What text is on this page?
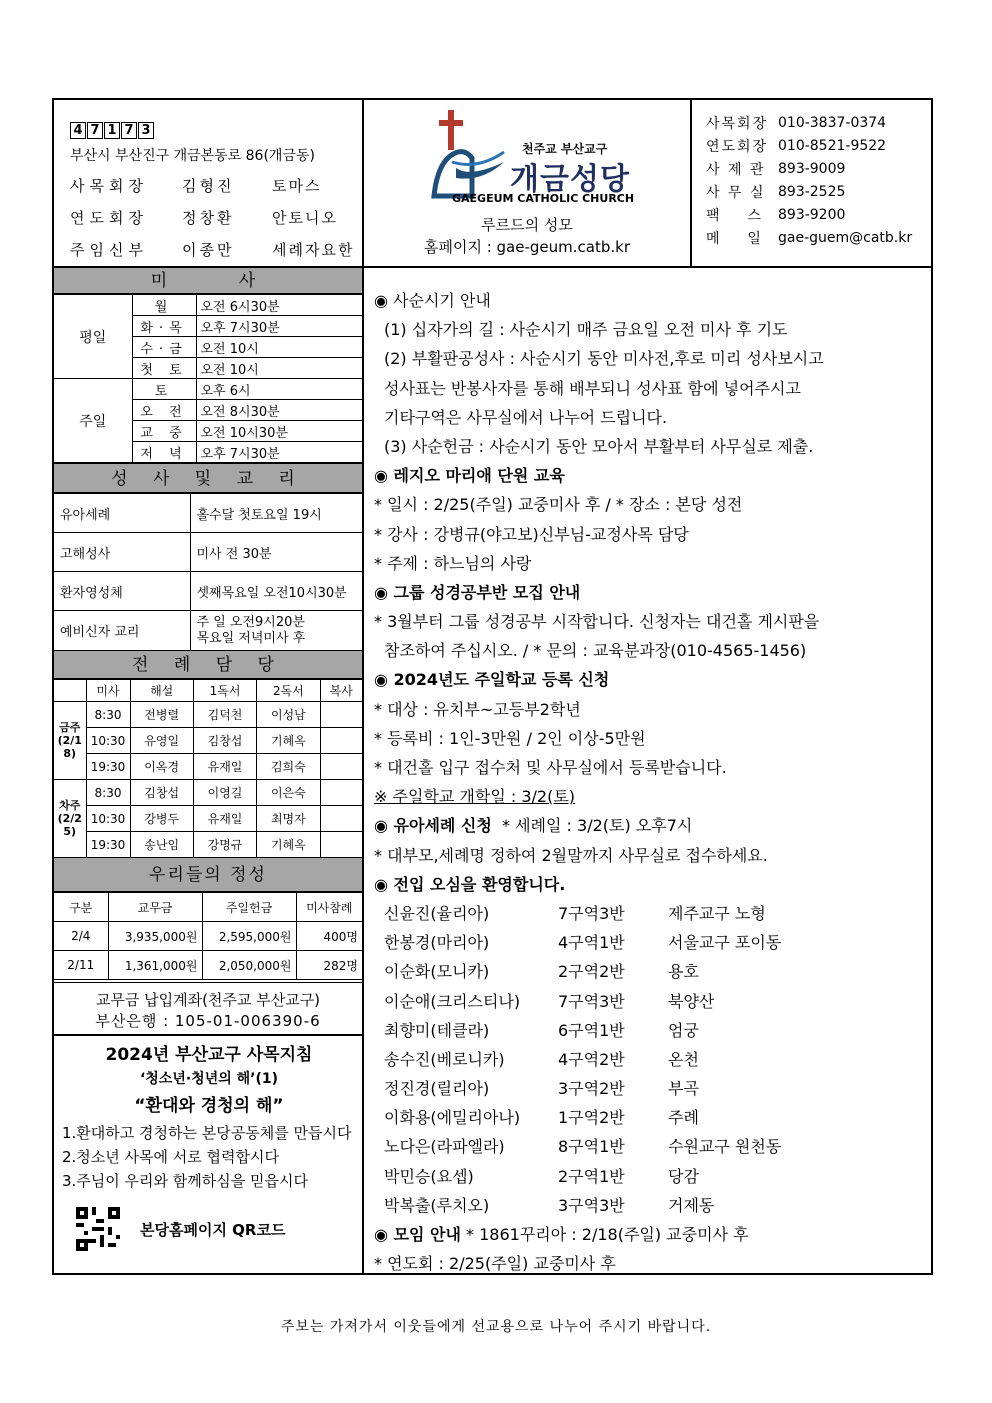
4 7 1 7 3
부산시 부산진구 개금본동로 86(개금동)
사목회장	김형진	토마스
연도회장	정창환	안토니오
주임신부	이종만	세례자요한
천주교 부산교구
개금성당
GAEGEUM CATHOLIC CHURCH
루르드의 성모
홈페이지 : gae-geum.catb.kr
사목회장 010-3837-0374
연도회장 010-8521-9522
사 제 관 893-9009
사 무 실 893-2525
팩    스	893-9200
메    일	gae-guem@catb.kr
미    사
평일	월	오전 6시30분
	화·목	오후 7시30분
	수·금	오전 10시
	첫 토	오전 10시
주일	토	오후 6시
	오 전	오전 8시30분
	교 중	오전 10시30분
	저 녁	오후 7시30분
성 사 및 교 리
유아세례	홀수달 첫토요일 19시
고해성사	미사 전 30분
환자영성체	셋째목요일 오전10시30분
예비신자 교리	주 일 오전9시20분
목요일 저녁미사 후
전 례 담 당
	미사	해설	1독서	2독서	복사
금주(2/18)	8:30	전병렬	김덕천	이성남	
	10:30	유영일	김창섭	기혜옥	
	19:30	이옥경	유재일	김희숙	
차주(2/25)	8:30	김창섭	이영길	이은숙	
	10:30	강병두	유재일	최명자	
	19:30	송난임	강명규	기혜옥	
우리들의 정성
구분	교무금	주일헌금	미사참례
2/4	3,935,000원	2,595,000원	400명
2/11	1,361,000원	2,050,000원	282명
교무금 납입계좌(천주교 부산교구)
부산은행 : 105-01-006390-6
2024년 부산교구 사목지침
‘청소년·청년의 해’(1)
“환대와 경청의 해”
1.환대하고 경청하는 본당공동체를 만듭시다
2.청소년 사목에 서로 협력합시다
3.주님이 우리와 함께하심을 믿읍시다
본당홈페이지 QR코드
◉ 사순시기 안내
(1) 십자가의 길 : 사순시기 매주 금요일 오전 미사 후 기도
(2) 부활판공성사 : 사순시기 동안 미사전,후로 미리 성사보시고
성사표는 반봉사자를 통해 배부되니 성사표 함에 넣어주시고
기타구역은 사무실에서 나누어 드립니다.
(3) 사순헌금 : 사순시기 동안 모아서 부활부터 사무실로 제출.
◉ 레지오 마리애 단원 교육
* 일시 : 2/25(주일) 교중미사 후 / * 장소 : 본당 성전
* 강사 : 강병규(야고보)신부님-교정사목 담당
* 주제 : 하느님의 사랑
◉ 그룹 성경공부반 모집 안내
* 3월부터 그룹 성경공부 시작합니다. 신청자는 대건홀 게시판을
참조하여 주십시오. / * 문의 : 교육분과장(010-4565-1456)
◉ 2024년도 주일학교 등록 신청
* 대상 : 유치부~고등부2학년
* 등록비 : 1인-3만원 / 2인 이상-5만원
* 대건홀 입구 접수처 및 사무실에서 등록받습니다.
※ 주일학교 개학일 : 3/2(토)
◉ 유아세례 신청 * 세례일 : 3/2(토) 오후7시
* 대부모,세례명 정하여 2월말까지 사무실로 접수하세요.
◉ 전입 오심을 환영합니다.
신윤진(율리아)	7구역3반	제주교구 노형
한봉경(마리아)	4구역1반	서울교구 포이동
이순화(모니카)	2구역2반	용호
이순애(크리스티나)	7구역3반	북양산
최향미(테클라)	6구역1반	엄궁
송수진(베로니카)	4구역2반	온천
정진경(릴리아)	3구역2반	부곡
이화용(에밀리아나)	1구역2반	주례
노다은(라파엘라)	8구역1반	수원교구 원천동
박민승(요셉)	2구역1반	당감
박복출(루치오)	3구역3반	거제동
◉ 모임 안내 * 1861꾸리아 : 2/18(주일) 교중미사 후
* 연도회 : 2/25(주일) 교중미사 후
주보는 가져가서 이웃들에게 선교용으로 나누어 주시기 바랍니다.
